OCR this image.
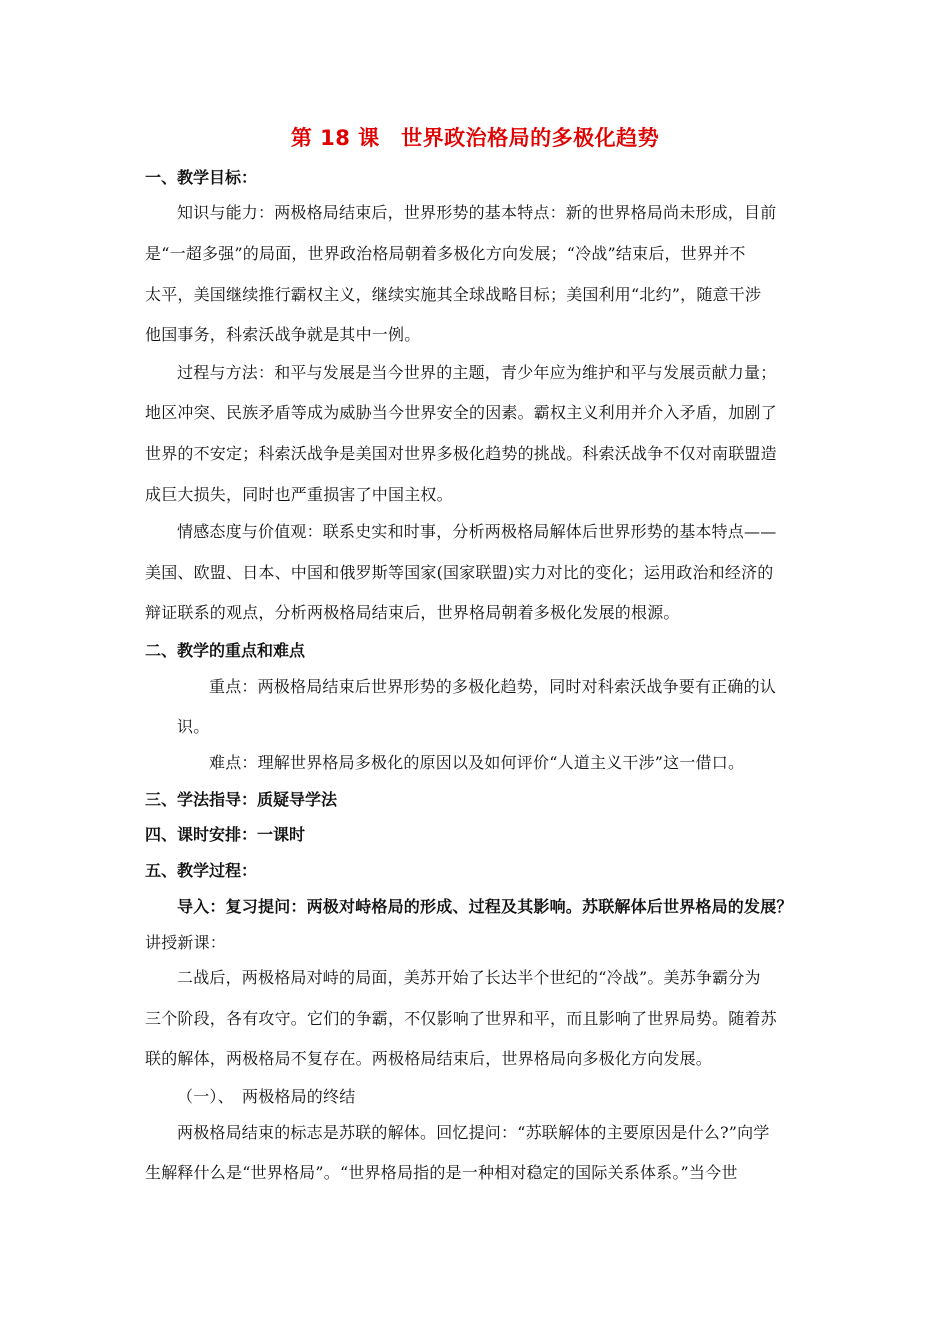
第 18 课　世界政治格局的多极化趋势
一、教学目标：
知识与能力：两极格局结束后，世界形势的基本特点：新的世界格局尚未形成，目前
是“一超多强”的局面，世界政治格局朝着多极化方向发展；“冷战”结束后，世界并不
太平，美国继续推行霸权主义，继续实施其全球战略目标；美国利用“北约”，随意干涉
他国事务，科索沃战争就是其中一例。
过程与方法：和平与发展是当今世界的主题，青少年应为维护和平与发展贡献力量；
地区冲突、民族矛盾等成为威胁当今世界安全的因素。霸权主义利用并介入矛盾，加剧了
世界的不安定；科索沃战争是美国对世界多极化趋势的挑战。科索沃战争不仅对南联盟造
成巨大损失，同时也严重损害了中国主权。
情感态度与价值观：联系史实和时事，分析两极格局解体后世界形势的基本特点——
美国、欧盟、日本、中国和俄罗斯等国家(国家联盟)实力对比的变化；运用政治和经济的
辩证联系的观点，分析两极格局结束后，世界格局朝着多极化发展的根源。
二、教学的重点和难点
重点：两极格局结束后世界形势的多极化趋势，同时对科索沃战争要有正确的认
识。
难点：理解世界格局多极化的原因以及如何评价“人道主义干涉”这一借口。
三、学法指导：质疑导学法
四、课时安排：一课时
五、教学过程：
导入：复习提问：两极对峙格局的形成、过程及其影响。苏联解体后世界格局的发展？
讲授新课：
二战后，两极格局对峙的局面，美苏开始了长达半个世纪的“冷战”。美苏争霸分为
三个阶段，各有攻守。它们的争霸，不仅影响了世界和平，而且影响了世界局势。随着苏
联的解体，两极格局不复存在。两极格局结束后，世界格局向多极化方向发展。
（一）、　两极格局的终结
两极格局结束的标志是苏联的解体。回忆提问：“苏联解体的主要原因是什么?”向学
生解释什么是“世界格局”。“世界格局指的是一种相对稳定的国际关系体系。”当今世
